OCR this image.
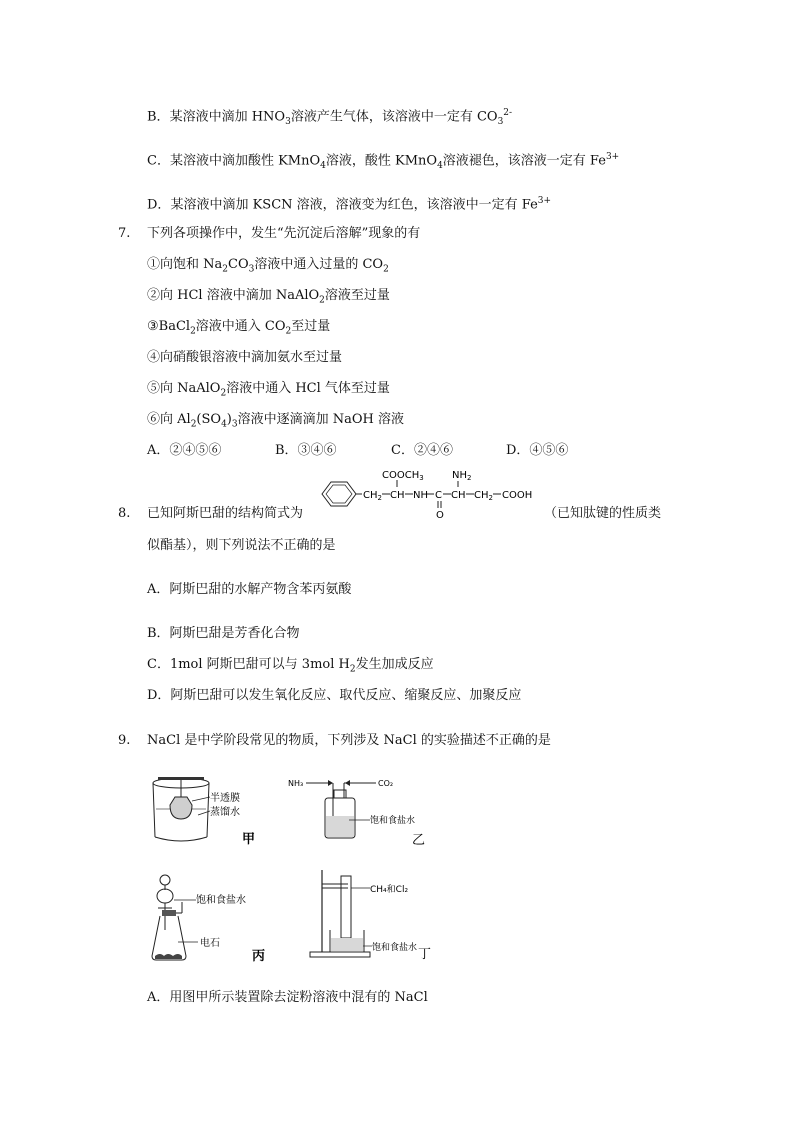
B．某溶液中滴加 $HNO_3$溶液产生气体，该溶液中一定有 $CO_3^{2-}$
C．某溶液中滴加酸性 KMnO$_4$溶液，酸性 KMnO$_4$溶液褪色，该溶液一定有 $Fe^{3+}$
D．某溶液中滴加 KSCN 溶液，溶液变为红色，该溶液中一定有 $Fe^{3+}$
7. 下列各项操作中，发生“先沉淀后溶解”现象的有
①向饱和 $Na_2CO_3$溶液中通入过量的 $CO_2$
②向 HCl 溶液中滴加 NaAlO$_2$溶液至过量
③BaCl$_2$溶液中通入 $CO_2$至过量
④向硝酸银溶液中滴加氨水至过量
⑤向 NaAlO$_2$溶液中通入 HCl 气体至过量
⑥向 $Al_2(SO_4)_3$溶液中逐滴滴加 NaOH 溶液
A．②④⑤⑥	B．③④⑥	C．②④⑥	D．④⑤⑥
8. 已知阿斯巴甜的结构简式为
$CH_2$ CH
$COOCH_3$
NH C
O
CH
$NH_2$
$CH_2$ COOH
（已知肽键的性质类
似酯基），则下列说法不正确的是
A．阿斯巴甜的水解产物含苯丙氨酸
B．阿斯巴甜是芳香化合物
C．1mol 阿斯巴甜可以与 3mol $H_2$发生加成反应
D．阿斯巴甜可以发生氧化反应、取代反应、缩聚反应、加聚反应
9. NaCl 是中学阶段常见的物质，下列涉及 NaCl 的实验描述不正确的是
半透膜
蒸馏水
甲
NH₃	CO₂
饱和食盐水
乙
饱和食盐水
电石
丙
CH₄和Cl₂
饱和食盐水 丁
A．用图甲所示装置除去淀粉溶液中混有的 NaCl
